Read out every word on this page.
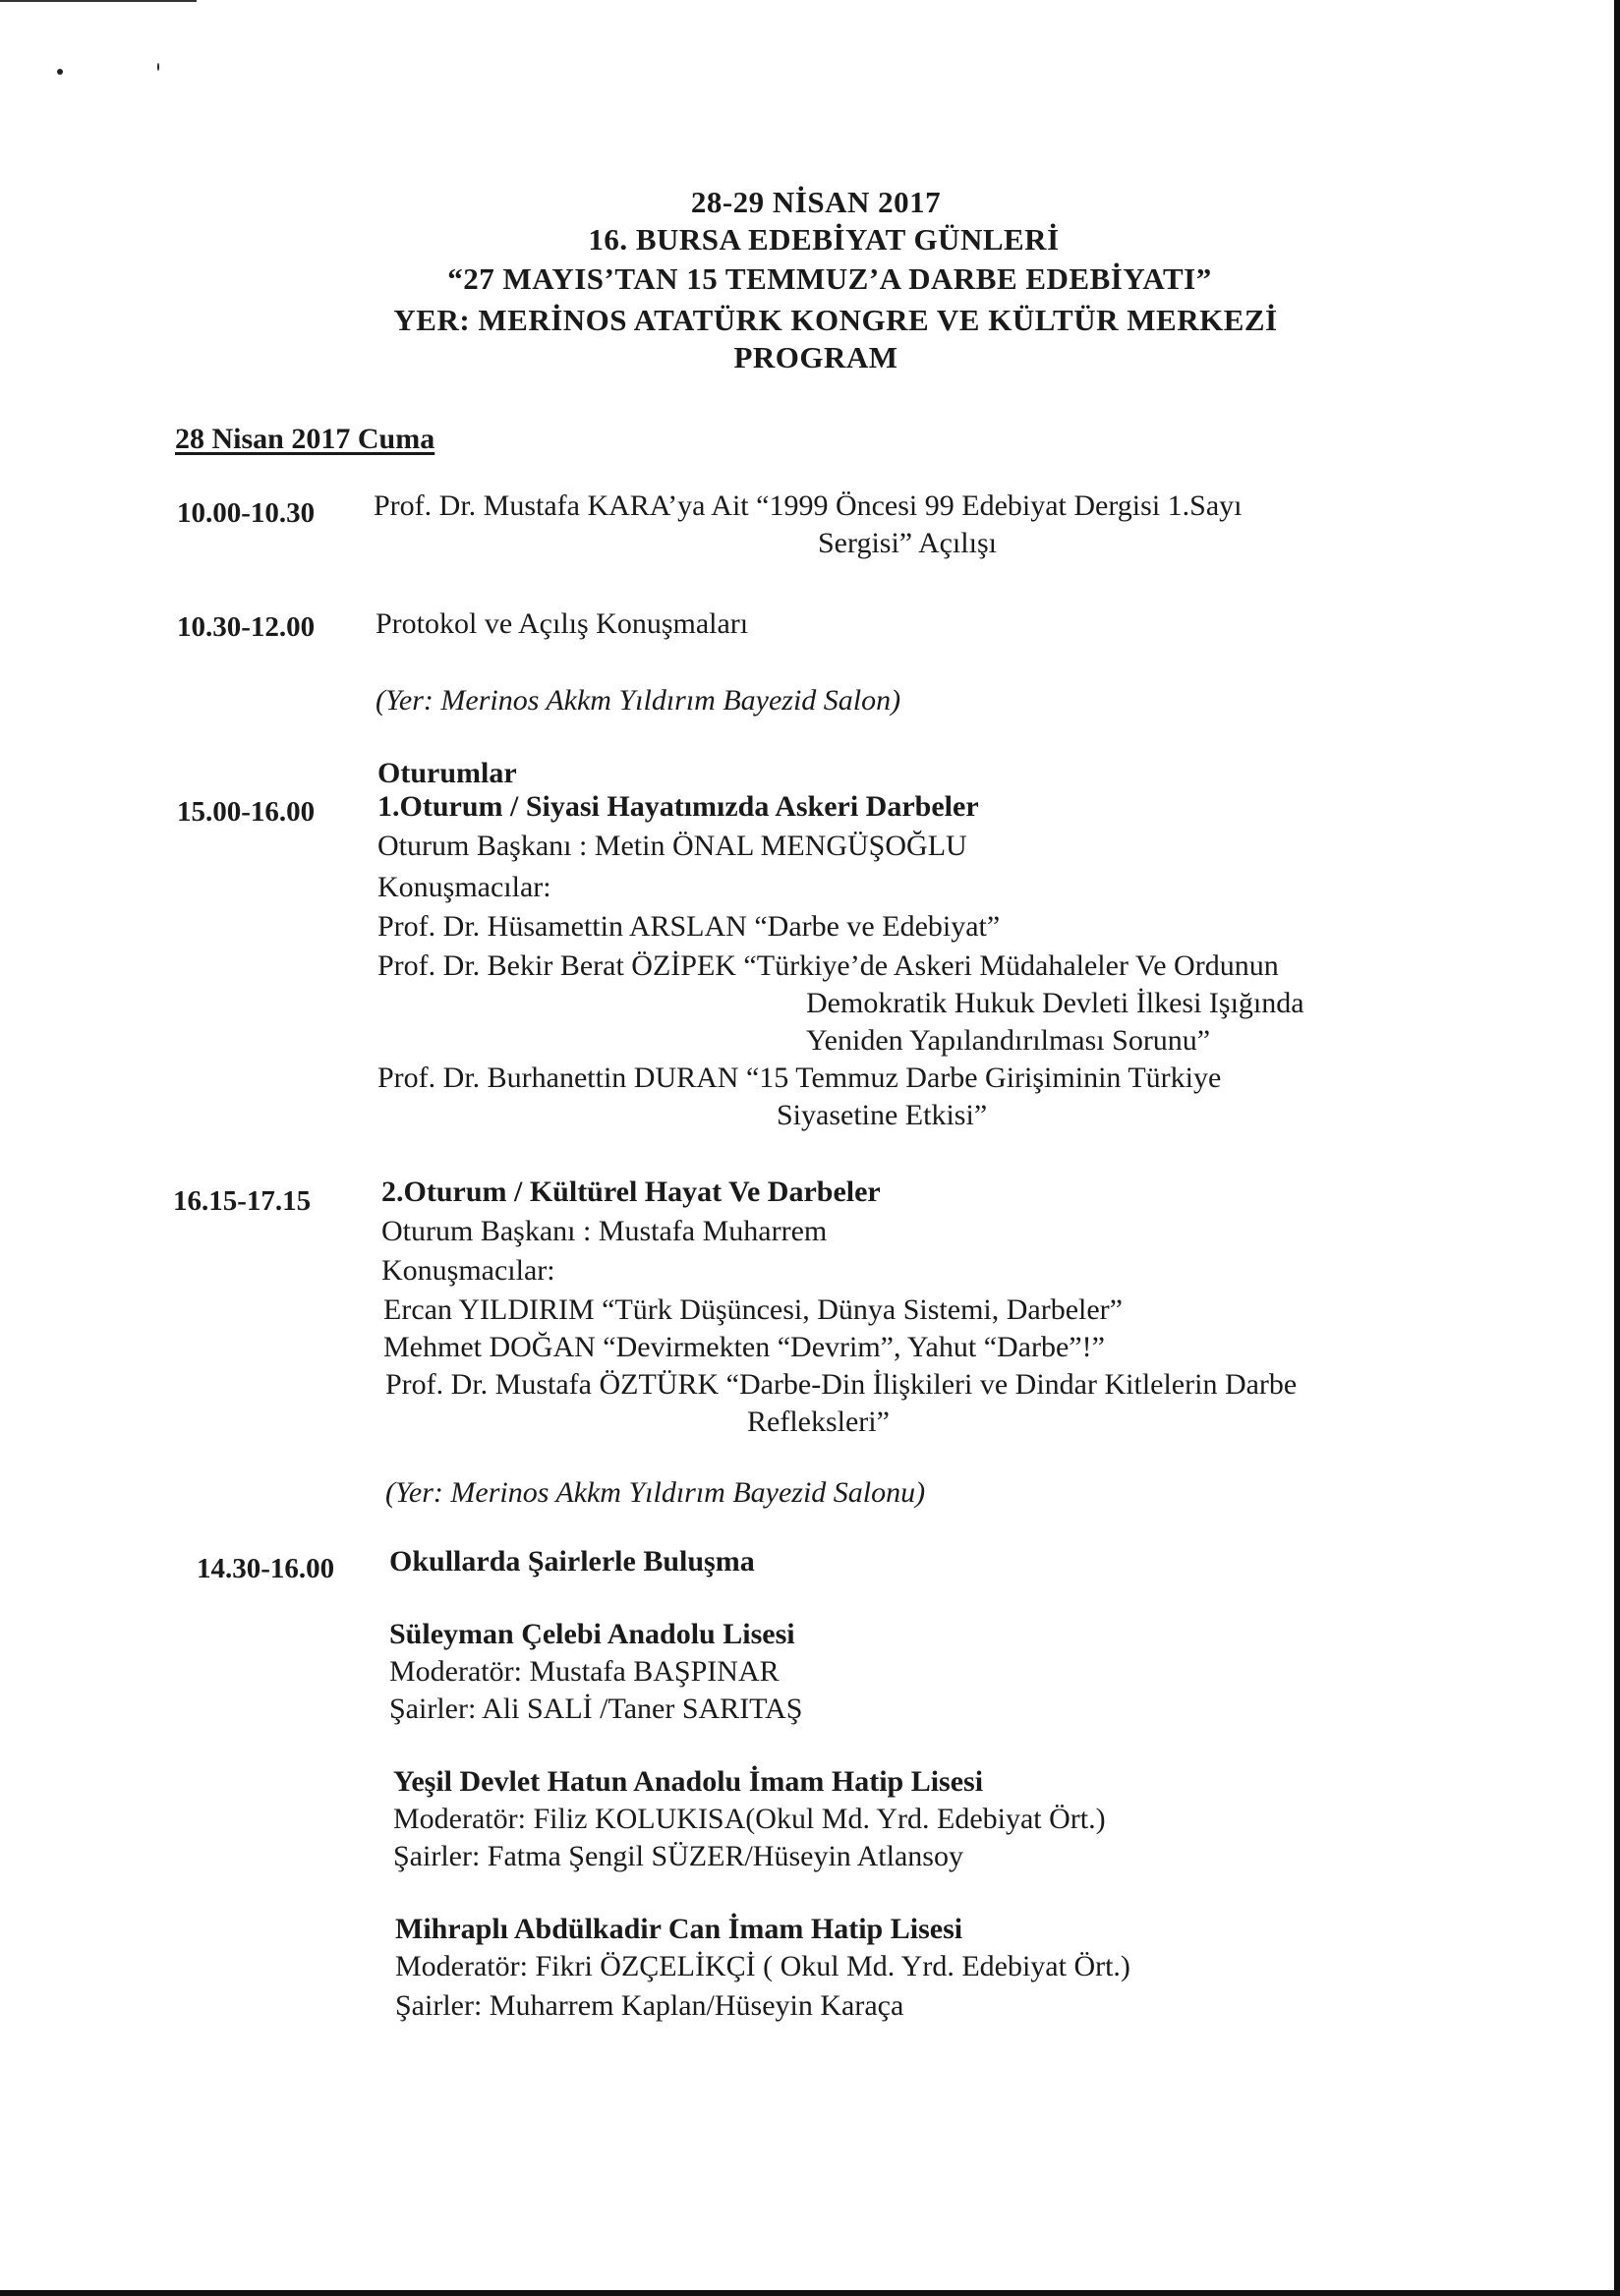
28-29 NİSAN 2017
16. BURSA EDEBİYAT GÜNLERİ
“27 MAYIS’TAN 15 TEMMUZ’A DARBE EDEBİYATI”
YER: MERİNOS ATATÜRK KONGRE VE KÜLTÜR MERKEZİ
PROGRAM
28 Nisan 2017 Cuma
10.00-10.30 Prof. Dr. Mustafa KARA’ya Ait “1999 Öncesi 99 Edebiyat Dergisi 1.Sayı
Sergisi” Açılışı
10.30-12.00 Protokol ve Açılış Konuşmaları
(Yer: Merinos Akkm Yıldırım Bayezid Salon)
Oturumlar
15.00-16.00 1.Oturum / Siyasi Hayatımızda Askeri Darbeler
Oturum Başkanı : Metin ÖNAL MENGÜŞOĞLU
Konuşmacılar:
Prof. Dr. Hüsamettin ARSLAN “Darbe ve Edebiyat”
Prof. Dr. Bekir Berat ÖZİPEK “Türkiye’de Askeri Müdahaleler Ve Ordunun
Demokratik Hukuk Devleti İlkesi Işığında
Yeniden Yapılandırılması Sorunu”
Prof. Dr. Burhanettin DURAN “15 Temmuz Darbe Girişiminin Türkiye
Siyasetine Etkisi”
16.15-17.15 2.Oturum / Kültürel Hayat Ve Darbeler
Oturum Başkanı : Mustafa Muharrem
Konuşmacılar:
Ercan YILDIRIM “Türk Düşüncesi, Dünya Sistemi, Darbeler”
Mehmet DOĞAN “Devirmekten “Devrim”, Yahut “Darbe”!”
Prof. Dr. Mustafa ÖZTÜRK “Darbe-Din İlişkileri ve Dindar Kitlelerin Darbe
Refleksleri”
(Yer: Merinos Akkm Yıldırım Bayezid Salonu)
14.30-16.00 Okullarda Şairlerle Buluşma
Süleyman Çelebi Anadolu Lisesi
Moderatör: Mustafa BAŞPINAR
Şairler: Ali SALİ /Taner SARITAŞ
Yeşil Devlet Hatun Anadolu İmam Hatip Lisesi
Moderatör: Filiz KOLUKISA(Okul Md. Yrd. Edebiyat Ört.)
Şairler: Fatma Şengil SÜZER/Hüseyin Atlansoy
Mihraplı Abdülkadir Can İmam Hatip Lisesi
Moderatör: Fikri ÖZÇELİKÇİ ( Okul Md. Yrd. Edebiyat Ört.)
Şairler: Muharrem Kaplan/Hüseyin Karaça
